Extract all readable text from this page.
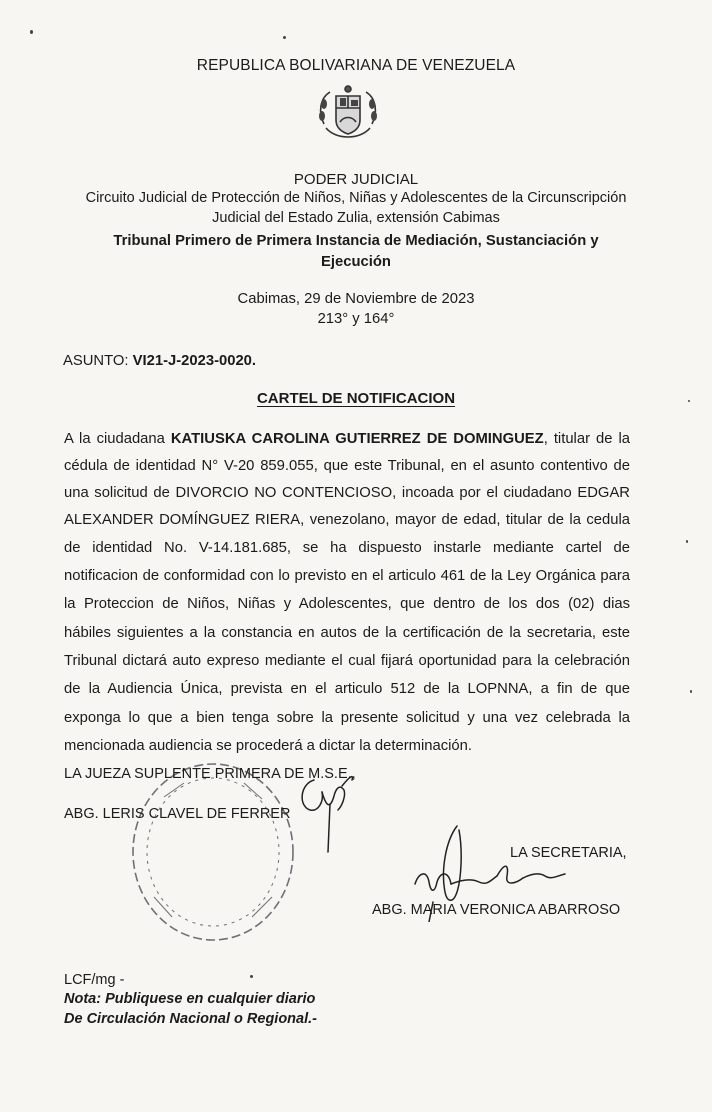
REPUBLICA BOLIVARIANA DE VENEZUELA
PODER JUDICIAL
Circuito Judicial de Protección de Niños, Niñas y Adolescentes de la Circunscripción
Judicial del Estado Zulia, extensión Cabimas
Tribunal Primero de Primera Instancia de Mediación, Sustanciación y
Ejecución
Cabimas, 29 de Noviembre de 2023
213° y 164°
ASUNTO: VI21-J-2023-0020.
CARTEL DE NOTIFICACION
A la ciudadana KATIUSKA CAROLINA GUTIERREZ DE DOMINGUEZ, titular de la
cédula de identidad N° V-20 859.055, que este Tribunal, en el asunto contentivo de
una solicitud de DIVORCIO NO CONTENCIOSO, incoada por el ciudadano EDGAR
ALEXANDER DOMÍNGUEZ RIERA, venezolano, mayor de edad, titular de la cedula
de identidad No. V-14.181.685, se ha dispuesto instarle mediante cartel de
notificacion de conformidad con lo previsto en el articulo 461 de la Ley Orgánica para
la Proteccion de Niños, Niñas y Adolescentes, que dentro de los dos (02) dias
hábiles siguientes a la constancia en autos de la certificación de la secretaria, este
Tribunal dictará auto expreso mediante el cual fijará oportunidad para la celebración
de la Audiencia Única, prevista en el articulo 512 de la LOPNNA, a fin de que
exponga lo que a bien tenga sobre la presente solicitud y una vez celebrada la
mencionada audiencia se procederá a dictar la determinación.
LA JUEZA SUPLENTE PRIMERA DE M.S.E.,
ABG. LERIS CLAVEL DE FERRER
LA SECRETARIA,
ABG. MARIA VERONICA ABARROSO
LCF/mg -
Nota: Publiquese en cualquier diario
De Circulación Nacional o Regional.-
